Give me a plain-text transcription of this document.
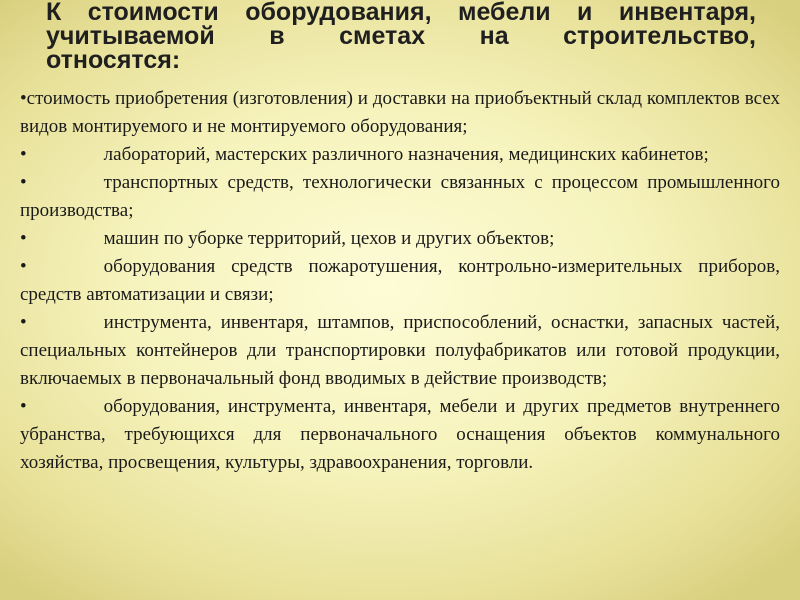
К стоимости оборудования, мебели и инвентаря,
учитываемой в сметах на строительство,
относятся:

•стоимость приобретения (изготовления) и доставки на приобъектный склад комплектов всех видов монтируемого и не монтируемого оборудования;

•	лабораторий, мастерских различного назначения, медицинских кабинетов;

•	транспортных средств, технологически связанных с процессом промышленного производства;

•	машин по уборке территорий, цехов и других объектов;

•	оборудования средств пожаротушения, контрольно-измерительных приборов, средств автоматизации и связи;

•	инструмента, инвентаря, штампов, приспособлений, оснастки, запасных частей, специальных контейнеров дли транспортировки полуфабрикатов или готовой продукции, включаемых в первоначальный фонд вводимых в действие производств;

•	оборудования, инструмента, инвентаря, мебели и других предметов внутреннего убранства, требующихся для первоначального оснащения объектов коммунального хозяйства, просвещения, культуры, здравоохранения, торговли.
